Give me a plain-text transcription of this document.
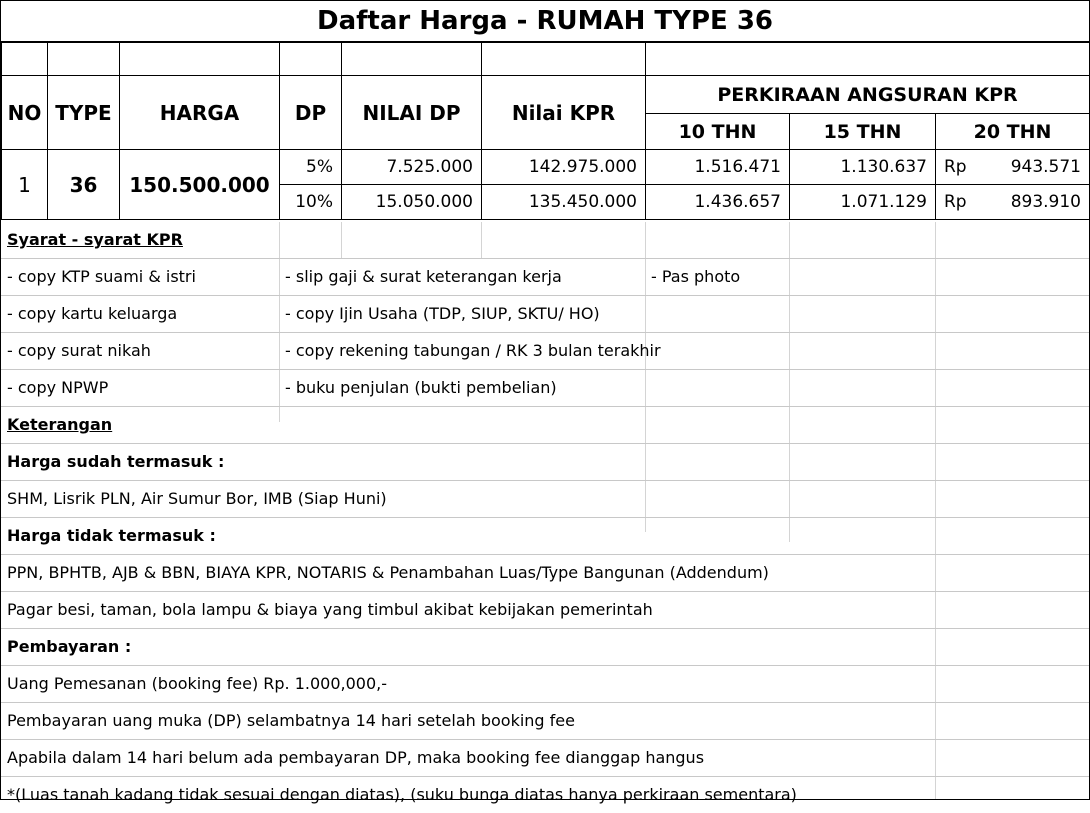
Daftar Harga - RUMAH TYPE 36

NO	TYPE	HARGA	DP	NILAI DP	Nilai KPR	PERKIRAAN ANGSURAN KPR		
						10 THN	15 THN	20 THN
1	36	150.500.000	5%	7.525.000	142.975.000	1.516.471	1.130.637	Rp 943.571
			10%	15.050.000	135.450.000	1.436.657	1.071.129	Rp 893.910
Syarat - syarat KPR
- copy KTP suami & istri	- slip gaji & surat keterangan kerja	- Pas photo
- copy kartu keluarga	- copy Ijin Usaha (TDP, SIUP, SKTU/ HO)
- copy surat nikah	- copy rekening tabungan / RK 3 bulan terakhir
- copy NPWP	- buku penjulan (bukti pembelian)
Keterangan
Harga sudah termasuk :
SHM, Lisrik PLN, Air Sumur Bor, IMB (Siap Huni)
Harga tidak termasuk :
PPN, BPHTB, AJB & BBN, BIAYA KPR, NOTARIS & Penambahan Luas/Type Bangunan (Addendum)
Pagar besi, taman, bola lampu & biaya yang timbul akibat kebijakan pemerintah
Pembayaran :
Uang Pemesanan (booking fee) Rp. 1.000,000,-
Pembayaran uang muka (DP) selambatnya 14 hari setelah booking fee
Apabila dalam 14 hari belum ada pembayaran DP, maka booking fee dianggap hangus
*(Luas tanah kadang tidak sesuai dengan diatas), (suku bunga diatas hanya perkiraan sementara)
